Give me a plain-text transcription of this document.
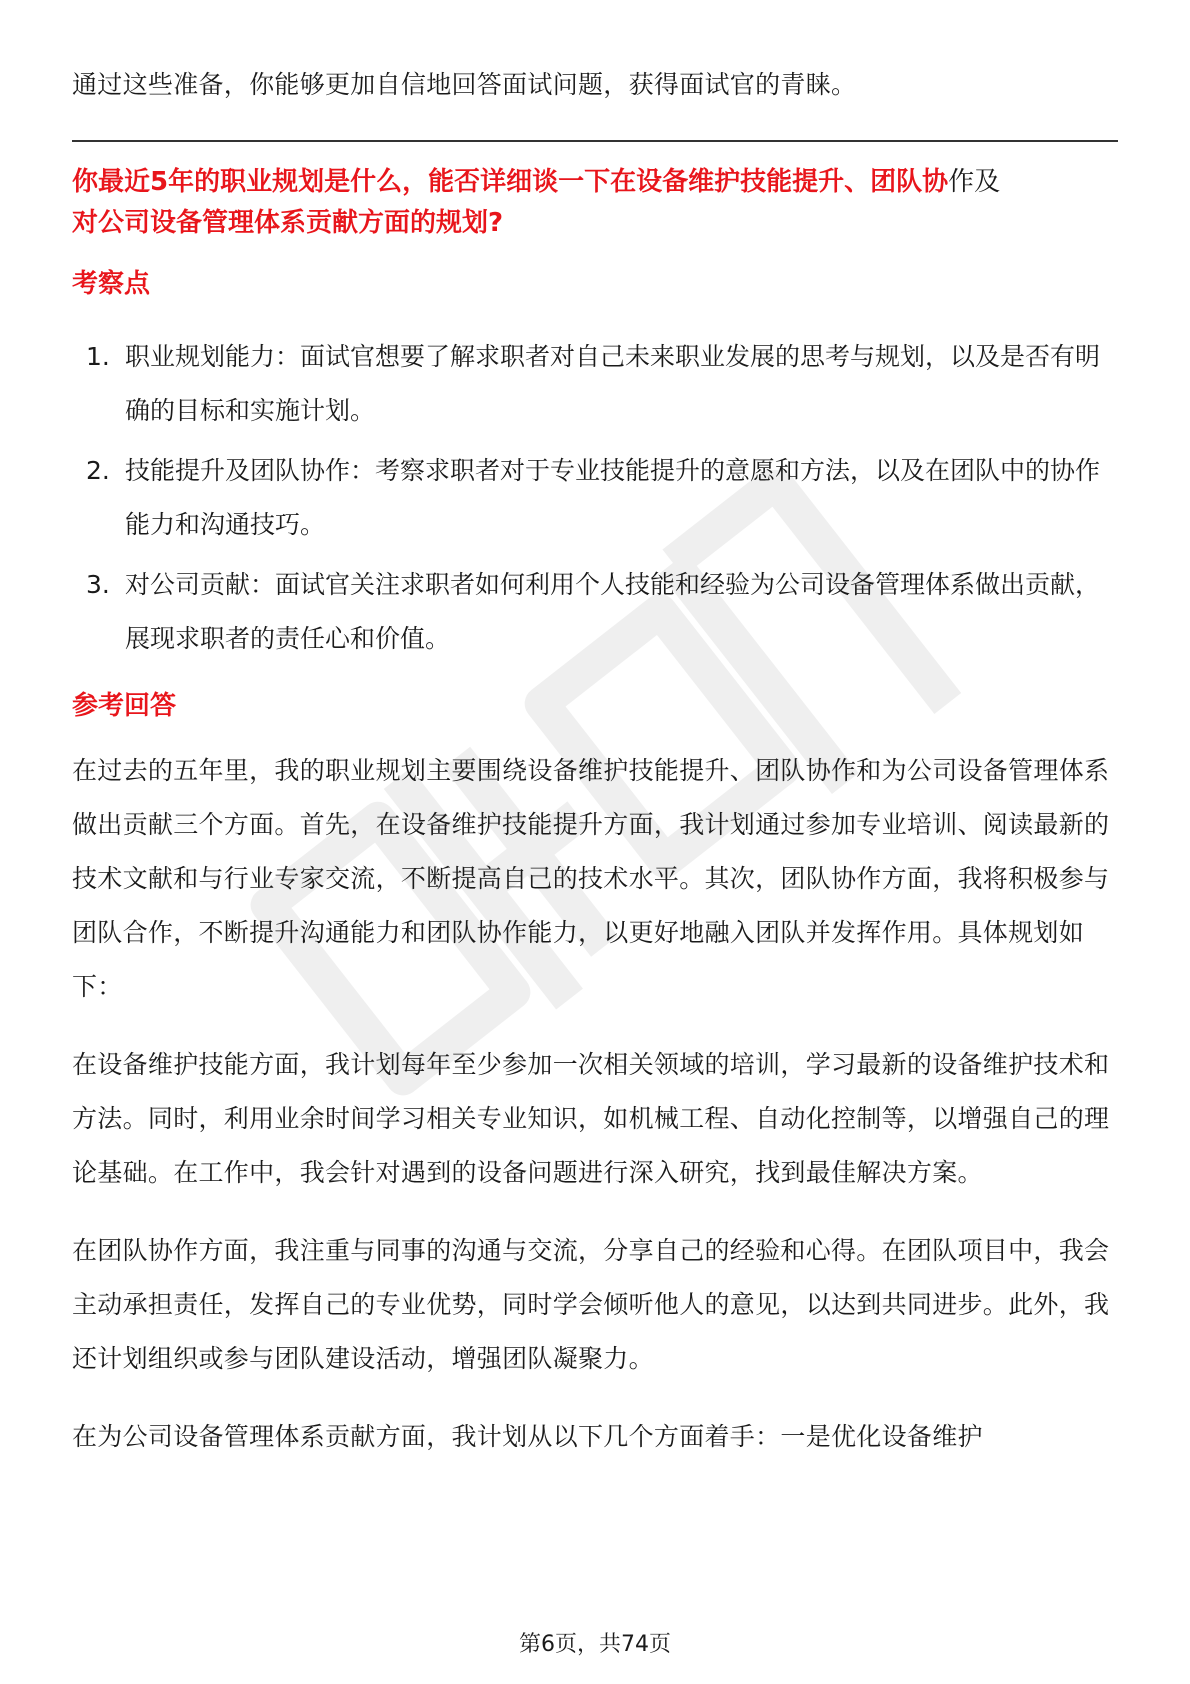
通过这些准备，你能够更加自信地回答面试问题，获得面试官的青睐。

你最近5年的职业规划是什么，能否详细谈一下在设备维护技能提升、团队协作及
对公司设备管理体系贡献方面的规划?

考察点

1. 职业规划能力：面试官想要了解求职者对自己未来职业发展的思考与规划，以及是否有明确的目标和实施计划。
2. 技能提升及团队协作：考察求职者对于专业技能提升的意愿和方法，以及在团队中的协作能力和沟通技巧。
3. 对公司贡献：面试官关注求职者如何利用个人技能和经验为公司设备管理体系做出贡献，展现求职者的责任心和价值。

参考回答

在过去的五年里，我的职业规划主要围绕设备维护技能提升、团队协作和为公司设备管理体系做出贡献三个方面。首先，在设备维护技能提升方面，我计划通过参加专业培训、阅读最新的技术文献和与行业专家交流，不断提高自己的技术水平。其次，团队协作方面，我将积极参与团队合作，不断提升沟通能力和团队协作能力，以更好地融入团队并发挥作用。具体规划如下：

在设备维护技能方面，我计划每年至少参加一次相关领域的培训，学习最新的设备维护技术和方法。同时，利用业余时间学习相关专业知识，如机械工程、自动化控制等，以增强自己的理论基础。在工作中，我会针对遇到的设备问题进行深入研究，找到最佳解决方案。

在团队协作方面，我注重与同事的沟通与交流，分享自己的经验和心得。在团队项目中，我会主动承担责任，发挥自己的专业优势，同时学会倾听他人的意见，以达到共同进步。此外，我还计划组织或参与团队建设活动，增强团队凝聚力。

在为公司设备管理体系贡献方面，我计划从以下几个方面着手：一是优化设备维护

第6页，共74页
